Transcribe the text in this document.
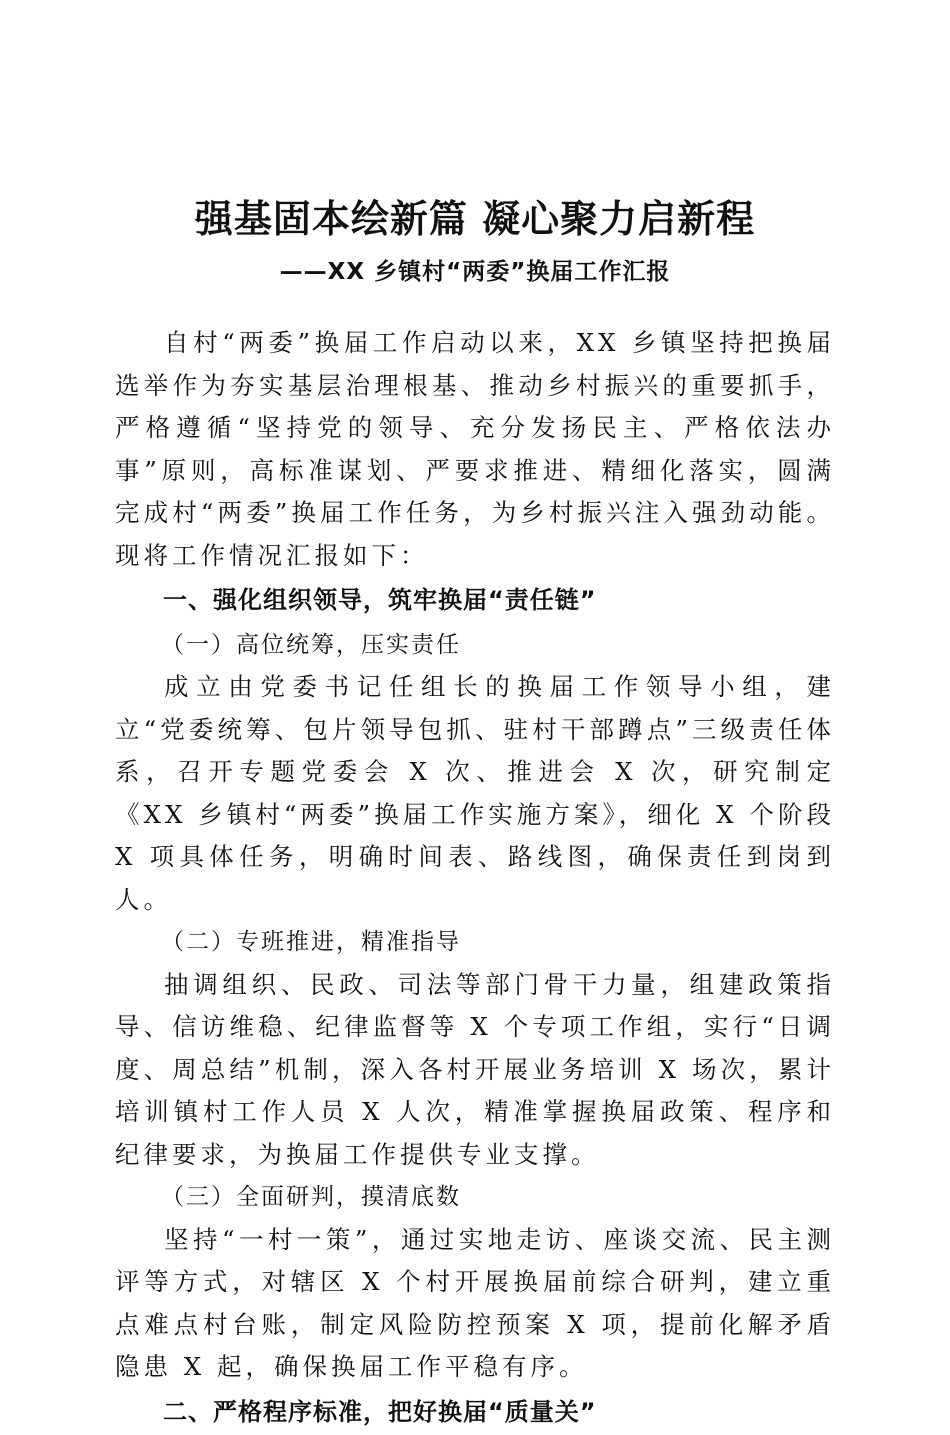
强基固本绘新篇 凝心聚力启新程
——XX 乡镇村“两委”换届工作汇报

自村“两委”换届工作启动以来，XX 乡镇坚持把换届选举作为夯实基层治理根基、推动乡村振兴的重要抓手，严格遵循“坚持党的领导、充分发扬民主、严格依法办事”原则，高标准谋划、严要求推进、精细化落实，圆满完成村“两委”换届工作任务，为乡村振兴注入强劲动能。现将工作情况汇报如下：

一、强化组织领导，筑牢换届“责任链”

（一）高位统筹，压实责任

成立由党委书记任组长的换届工作领导小组，建立“党委统筹、包片领导包抓、驻村干部蹲点”三级责任体系，召开专题党委会 X 次、推进会 X 次，研究制定《XX 乡镇村“两委”换届工作实施方案》，细化 X 个阶段 X 项具体任务，明确时间表、路线图，确保责任到岗到人。

（二）专班推进，精准指导

抽调组织、民政、司法等部门骨干力量，组建政策指导、信访维稳、纪律监督等 X 个专项工作组，实行“日调度、周总结”机制，深入各村开展业务培训 X 场次，累计培训镇村工作人员 X 人次，精准掌握换届政策、程序和纪律要求，为换届工作提供专业支撑。

（三）全面研判，摸清底数

坚持“一村一策”，通过实地走访、座谈交流、民主测评等方式，对辖区 X 个村开展换届前综合研判，建立重点难点村台账，制定风险防控预案 X 项，提前化解矛盾隐患 X 起，确保换届工作平稳有序。

二、严格程序标准，把好换届“质量关”
